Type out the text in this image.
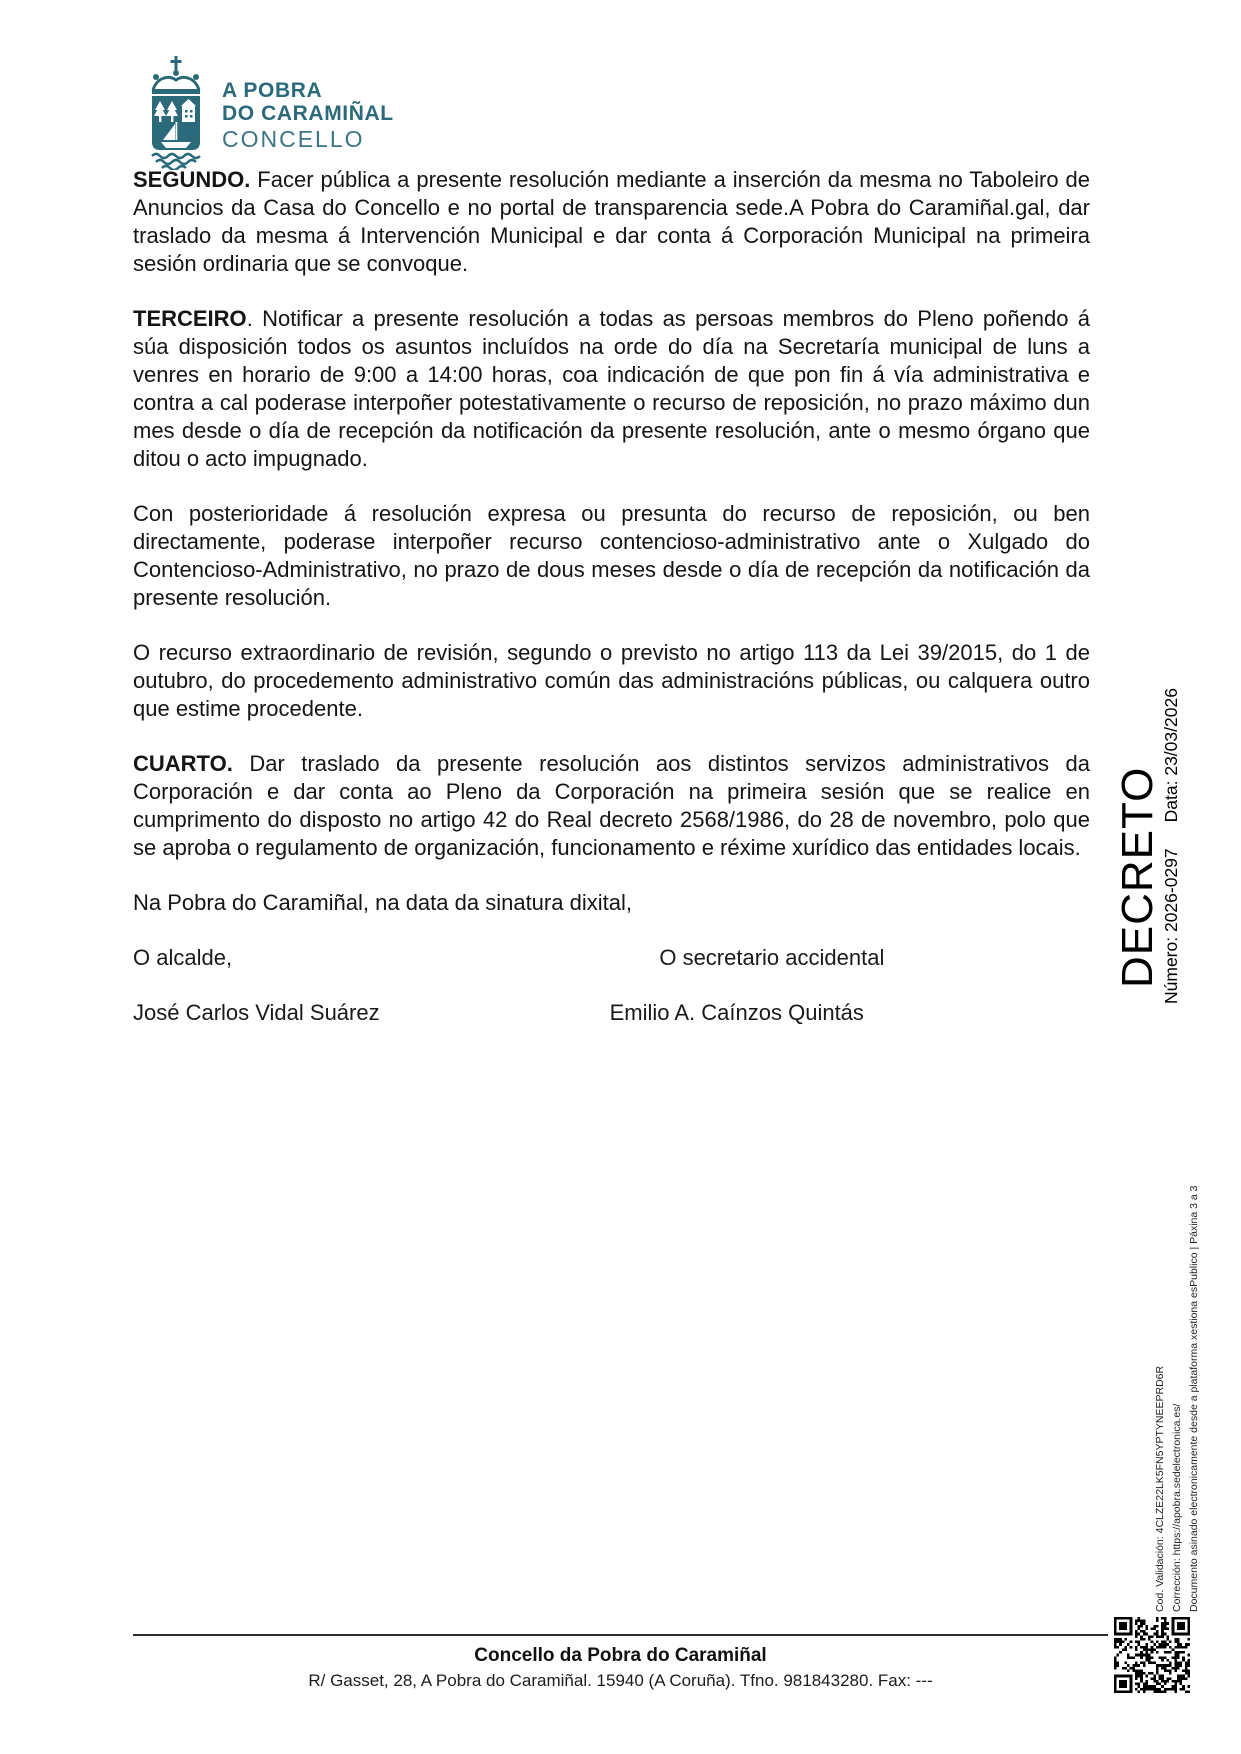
A POBRA
DO CARAMIÑAL
CONCELLO

SEGUNDO. Facer pública a presente resolución mediante a inserción da mesma no Taboleiro de Anuncios da Casa do Concello e no portal de transparencia sede.A Pobra do Caramiñal.gal, dar traslado da mesma á Intervención Municipal e dar conta á Corporación Municipal na primeira sesión ordinaria que se convoque.

TERCEIRO. Notificar a presente resolución a todas as persoas membros do Pleno poñendo á súa disposición todos os asuntos incluídos na orde do día na Secretaría municipal de luns a venres en horario de 9:00 a 14:00 horas, coa indicación de que pon fin á vía administrativa e contra a cal poderase interpoñer potestativamente o recurso de reposición, no prazo máximo dun mes desde o día de recepción da notificación da presente resolución, ante o mesmo órgano que ditou o acto impugnado.

Con posterioridade á resolución expresa ou presunta do recurso de reposición, ou ben directamente, poderase interpoñer recurso contencioso-administrativo ante o Xulgado do Contencioso-Administrativo, no prazo de dous meses desde o día de recepción da notificación da presente resolución.

O recurso extraordinario de revisión, segundo o previsto no artigo 113 da Lei 39/2015, do 1 de outubro, do procedemento administrativo común das administracións públicas, ou calquera outro que estime procedente.

CUARTO. Dar traslado da presente resolución aos distintos servizos administrativos da Corporación e dar conta ao Pleno da Corporación na primeira sesión que se realice en cumprimento do disposto no artigo 42 do Real decreto 2568/1986, do 28 de novembro, polo que se aproba o regulamento de organización, funcionamento e réxime xurídico das entidades locais.

Na Pobra do Caramiñal, na data da sinatura dixital,

O alcalde,	O secretario accidental
José Carlos Vidal Suárez	Emilio A. Caínzos Quintás
DECRETO Número: 2026-0297Data: 23/03/2026
Cod. Validación: 4CLZE22LK5FN5YPTYNEEPRD6R Corrección: https://apobra.sedelectronica.es/ Documento asinado electronicamente desde a plataforma xestiona esPublico | Páxina 3 a 3
Concello da Pobra do Caramiñal
R/ Gasset, 28, A Pobra do Caramiñal. 15940 (A Coruña). Tfno. 981843280. Fax: ---
